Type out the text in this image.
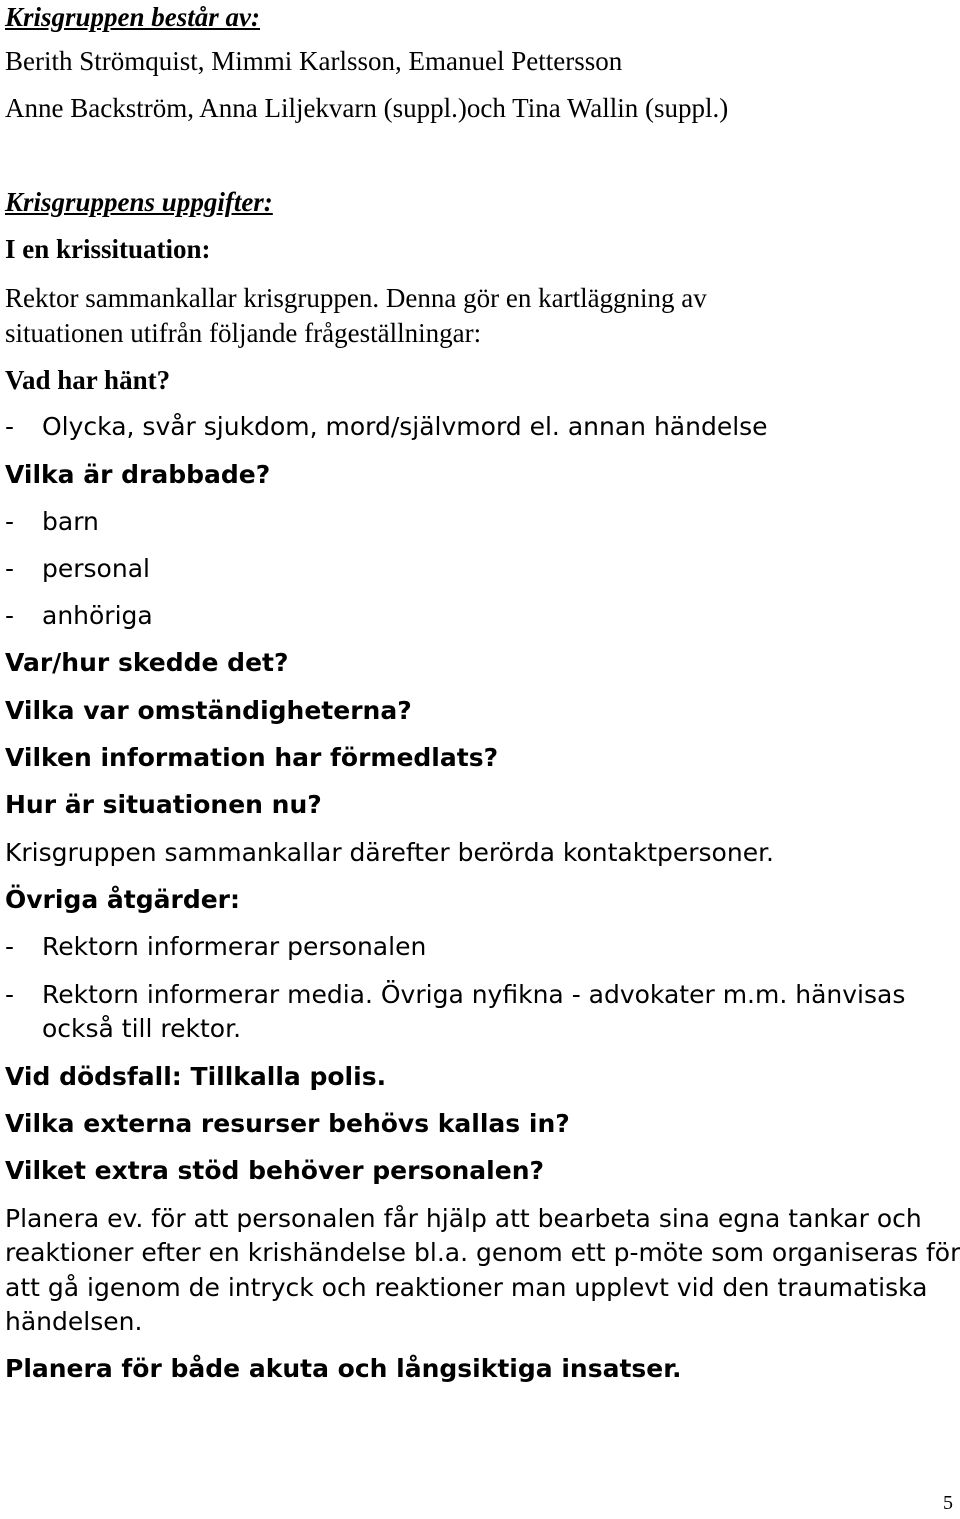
Krisgruppen består av:
Berith Strömquist, Mimmi Karlsson, Emanuel Pettersson
Anne Backström, Anna Liljekvarn (suppl.)och Tina Wallin (suppl.)
Krisgruppens uppgifter:
I en krissituation:
Rektor sammankallar krisgruppen. Denna gör en kartläggning av
situationen utifrån följande frågeställningar:
Vad har hänt?
- Olycka, svår sjukdom, mord/självmord el. annan händelse
Vilka är drabbade?
- barn
- personal
- anhöriga
Var/hur skedde det?
Vilka var omständigheterna?
Vilken information har förmedlats?
Hur är situationen nu?
Krisgruppen sammankallar därefter berörda kontaktpersoner.
Övriga åtgärder:
- Rektorn informerar personalen
- Rektorn informerar media. Övriga nyfikna - advokater m.m. hänvisas
också till rektor.
Vid dödsfall: Tillkalla polis.
Vilka externa resurser behövs kallas in?
Vilket extra stöd behöver personalen?
Planera ev. för att personalen får hjälp att bearbeta sina egna tankar och
reaktioner efter en krishändelse bl.a. genom ett p-möte som organiseras för
att gå igenom de intryck och reaktioner man upplevt vid den traumatiska
händelsen.
Planera för både akuta och långsiktiga insatser.
5
